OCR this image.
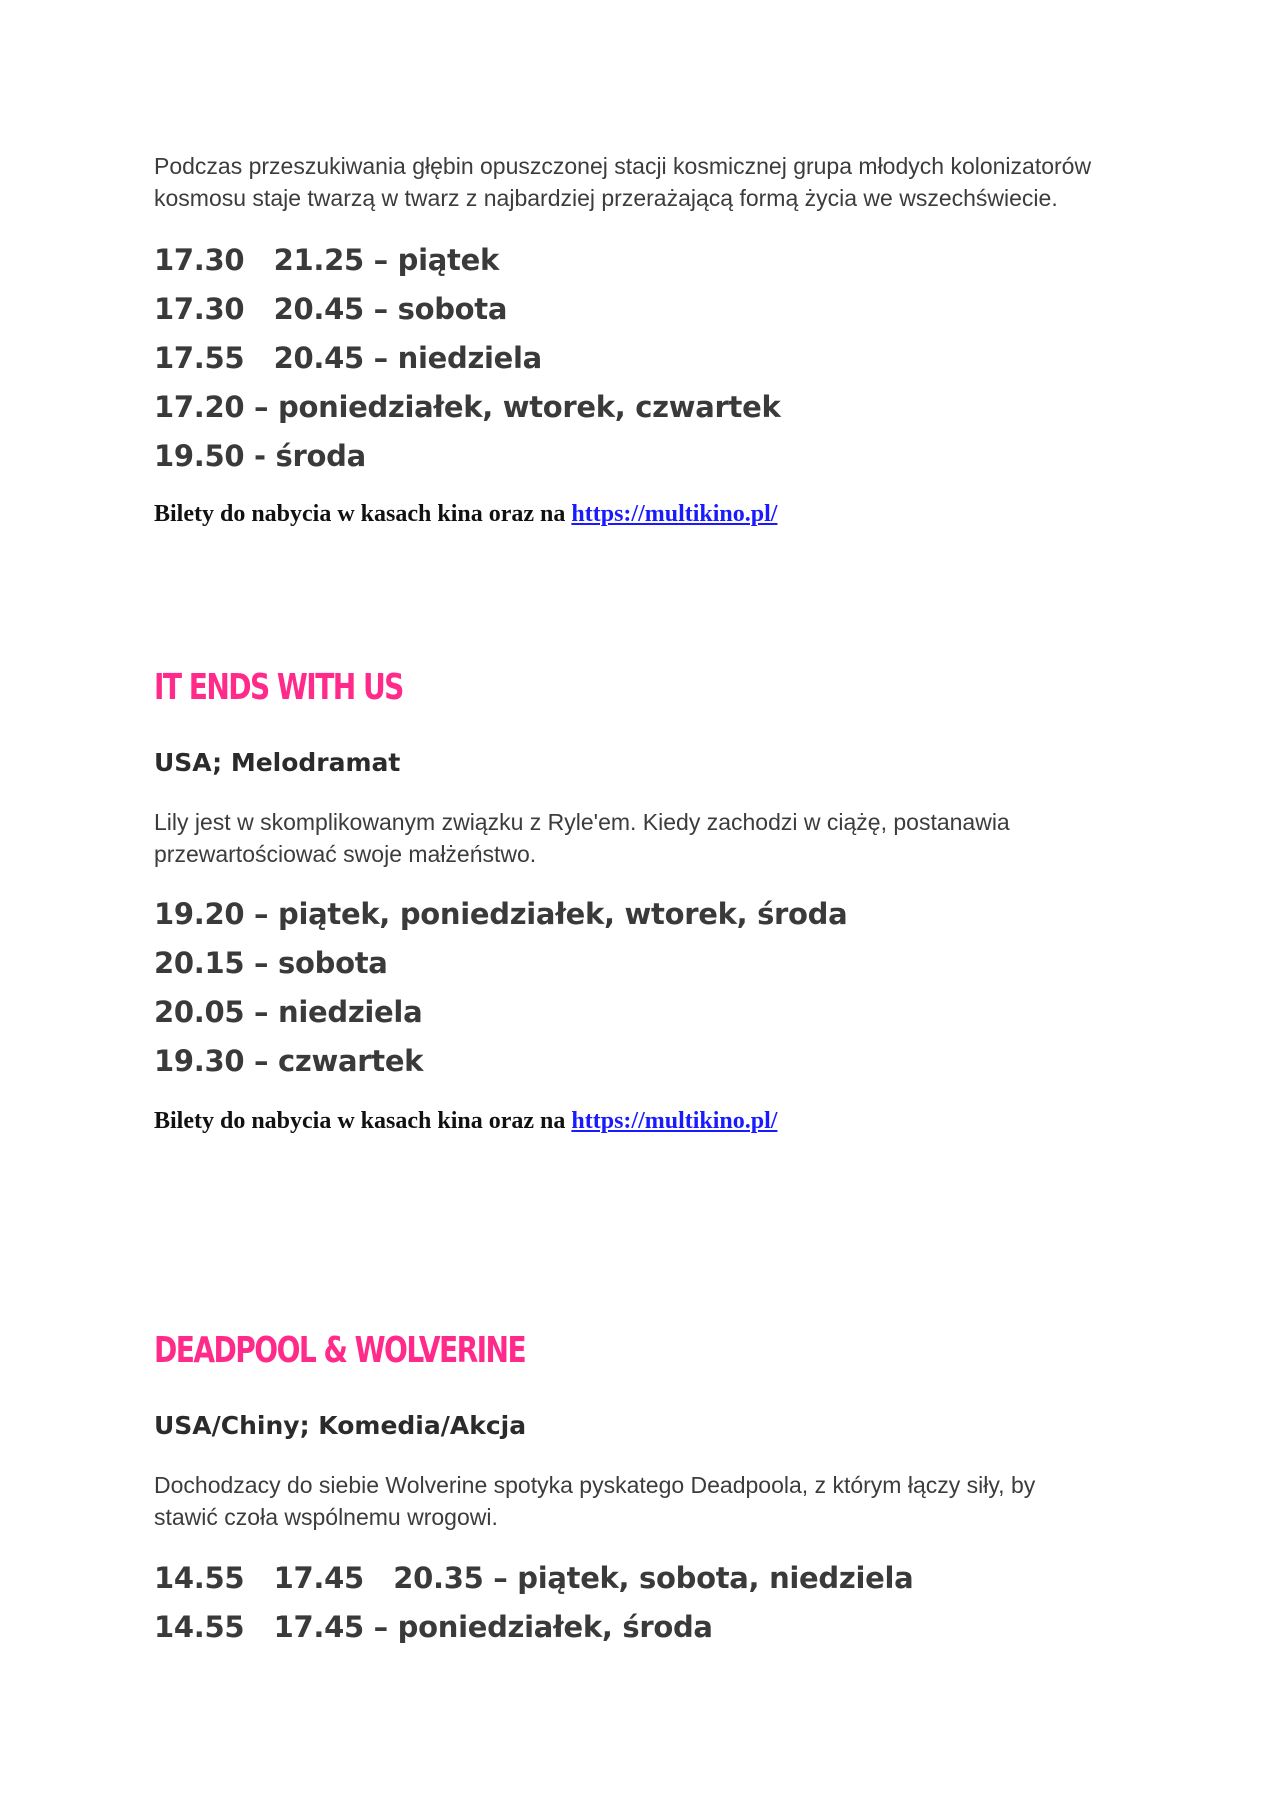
Podczas przeszukiwania głębin opuszczonej stacji kosmicznej grupa młodych kolonizatorów

kosmosu staje twarzą w twarz z najbardziej przerażającą formą życia we wszechświecie.

17.30   21.25 – piątek
17.30   20.45 – sobota
17.55   20.45 – niedziela
17.20 – poniedziałek, wtorek, czwartek
19.50 - środa
Bilety do nabycia w kasach kina oraz na https://multikino.pl/
IT ENDS WITH US
USA; Melodramat

Lily jest w skomplikowanym związku z Ryle'em. Kiedy zachodzi w ciążę, postanawia

przewartościować swoje małżeństwo.

19.20 – piątek, poniedziałek, wtorek, środa
20.15 – sobota
20.05 – niedziela
19.30 – czwartek
Bilety do nabycia w kasach kina oraz na https://multikino.pl/
DEADPOOL & WOLVERINE
USA/Chiny; Komedia/Akcja

Dochodzacy do siebie Wolverine spotyka pyskatego Deadpoola, z którym łączy siły, by

stawić czoła wspólnemu wrogowi.

14.55   17.45   20.35 – piątek, sobota, niedziela
14.55   17.45 – poniedziałek, środa
